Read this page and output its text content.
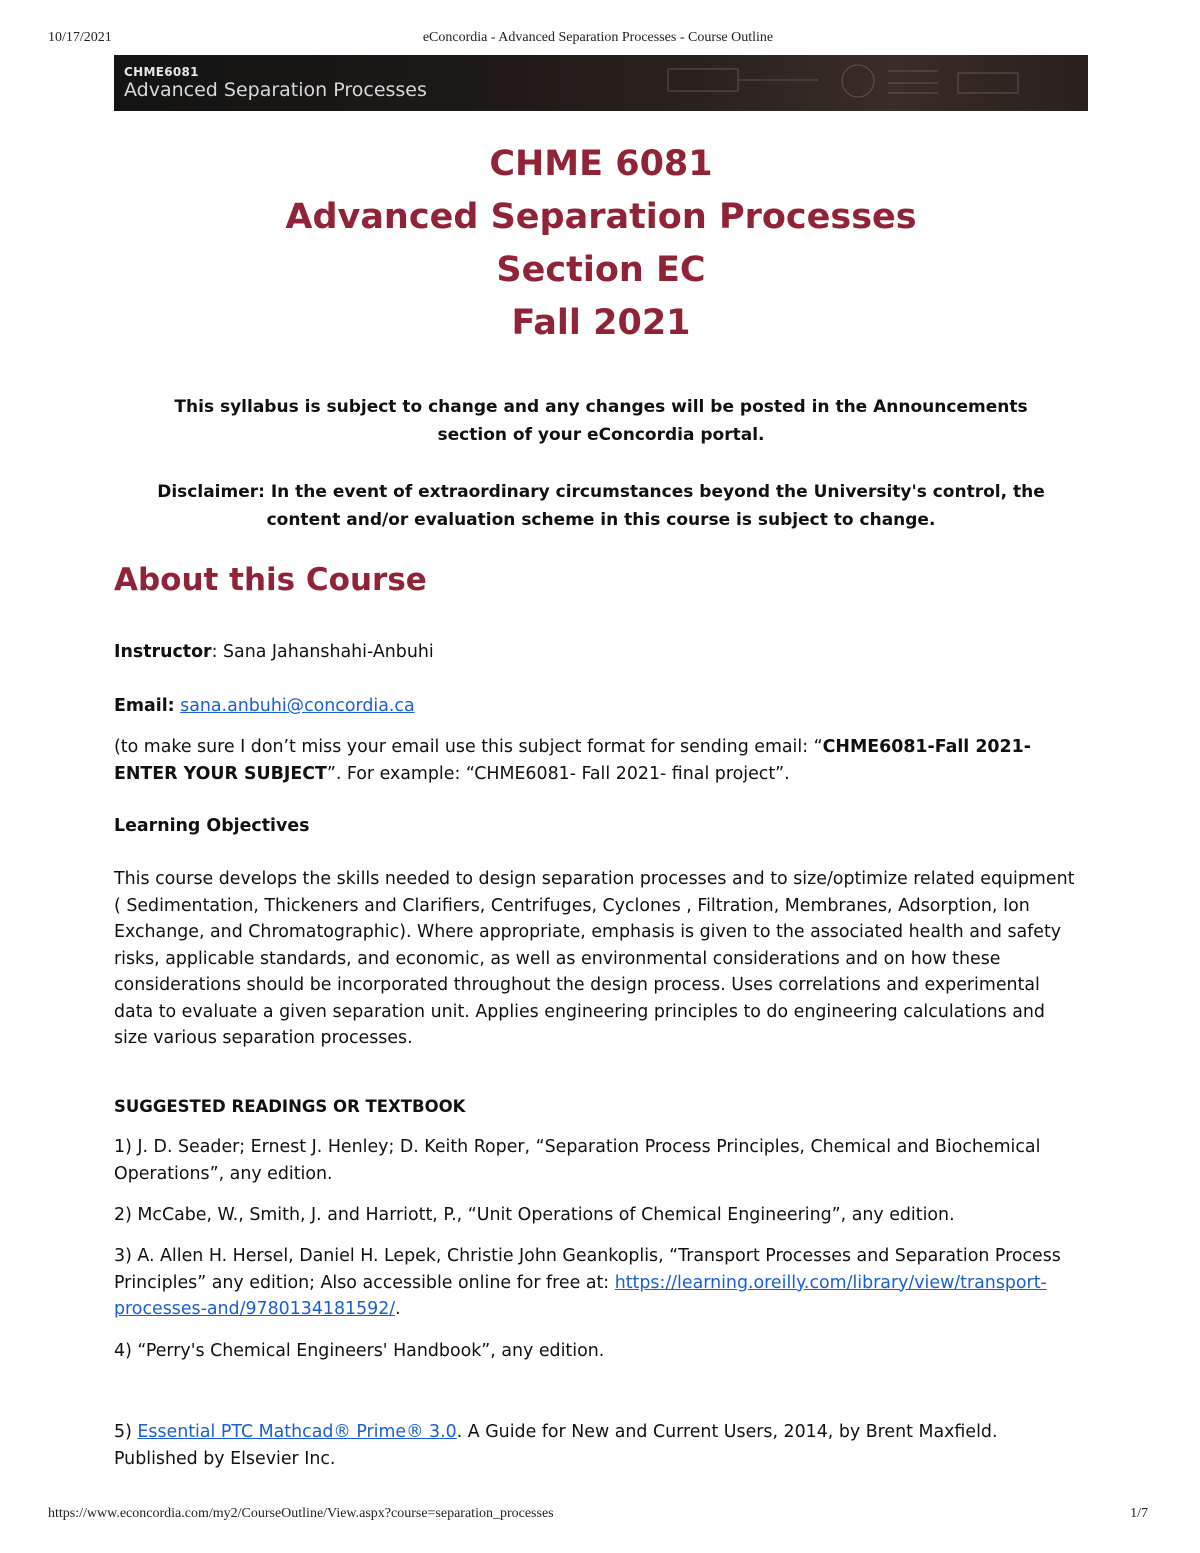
10/17/2021	eConcordia - Advanced Separation Processes - Course Outline
CHME6081
Advanced Separation Processes
CHME 6081
Advanced Separation Processes
Section EC
Fall 2021
This syllabus is subject to change and any changes will be posted in the Announcements
section of your eConcordia portal.
Disclaimer: In the event of extraordinary circumstances beyond the University's control, the
content and/or evaluation scheme in this course is subject to change.
About this Course
Instructor: Sana Jahanshahi-Anbuhi
Email: sana.anbuhi@concordia.ca
(to make sure I don’t miss your email use this subject format for sending email: “CHME6081-Fall 2021-ENTER YOUR SUBJECT”. For example: “CHME6081- Fall 2021- final project”.
Learning Objectives
This course develops the skills needed to design separation processes and to size/optimize related equipment ( Sedimentation, Thickeners and Clarifiers, Centrifuges, Cyclones , Filtration, Membranes, Adsorption, Ion Exchange, and Chromatographic). Where appropriate, emphasis is given to the associated health and safety risks, applicable standards, and economic, as well as environmental considerations and on how these considerations should be incorporated throughout the design process. Uses correlations and experimental data to evaluate a given separation unit. Applies engineering principles to do engineering calculations and size various separation processes.
SUGGESTED READINGS OR TEXTBOOK
1) J. D. Seader; Ernest J. Henley; D. Keith Roper, “Separation Process Principles, Chemical and Biochemical Operations”, any edition.
2) McCabe, W., Smith, J. and Harriott, P., “Unit Operations of Chemical Engineering”, any edition.
3) A. Allen H. Hersel, Daniel H. Lepek, Christie John Geankoplis, “Transport Processes and Separation Process Principles” any edition; Also accessible online for free at: https://learning.oreilly.com/library/view/transport-processes-and/9780134181592/.
4) “Perry's Chemical Engineers' Handbook”, any edition.
5) Essential PTC Mathcad® Prime® 3.0. A Guide for New and Current Users, 2014, by Brent Maxfield. Published by Elsevier Inc.
https://www.econcordia.com/my2/CourseOutline/View.aspx?course=separation_processes	1/7
